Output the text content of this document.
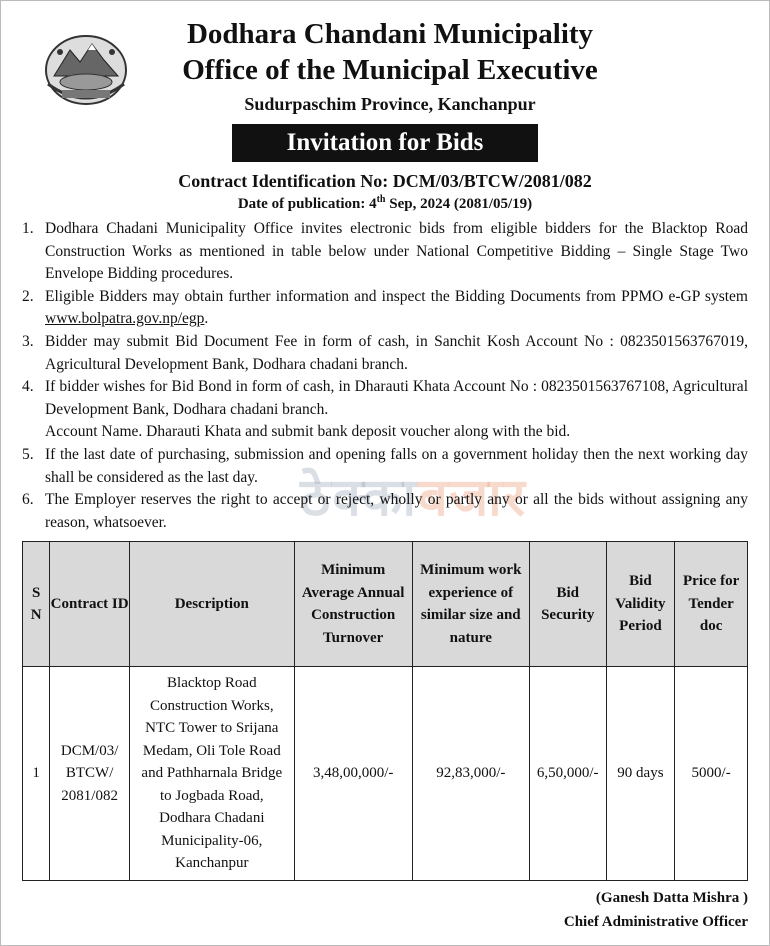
Dodhara Chandani Municipality
Office of the Municipal Executive
Sudurpaschim Province, Kanchanpur
Invitation for Bids
Contract Identification No: DCM/03/BTCW/2081/082
Date of publication: 4th Sep, 2024 (2081/05/19)
ठेक्काबजार
1. Dodhara Chadani Municipality Office invites electronic bids from eligible bidders for the Blacktop Road Construction Works as mentioned in table below under National Competitive Bidding – Single Stage Two Envelope Bidding procedures.
2. Eligible Bidders may obtain further information and inspect the Bidding Documents from PPMO e-GP system www.bolpatra.gov.np/egp.
3. Bidder may submit Bid Document Fee in form of cash, in Sanchit Kosh Account No : 0823501563767019, Agricultural Development Bank, Dodhara chadani branch.
4. If bidder wishes for Bid Bond in form of cash, in Dharauti Khata Account No : 0823501563767108, Agricultural Development Bank, Dodhara chadani branch.
Account Name. Dharauti Khata and submit bank deposit voucher along with the bid.
5. If the last date of purchasing, submission and opening falls on a government holiday then the next working day shall be considered as the last day.
6. The Employer reserves the right to accept or reject, wholly or partly any or all the bids without assigning any reason, whatsoever.
S N	Contract ID	Description	Minimum Average Annual Construction Turnover	Minimum work experience of similar size and nature	Bid Security	Bid Validity Period	Price for Tender doc
1	DCM/03/ BTCW/ 2081/082	Blacktop Road Construction Works, NTC Tower to Srijana Medam, Oli Tole Road and Pathharnala Bridge to Jogbada Road, Dodhara Chadani Municipality-06, Kanchanpur	3,48,00,000/-	92,83,000/-	6,50,000/-	90 days	5000/-
(Ganesh Datta Mishra )
Chief Administrative Officer
